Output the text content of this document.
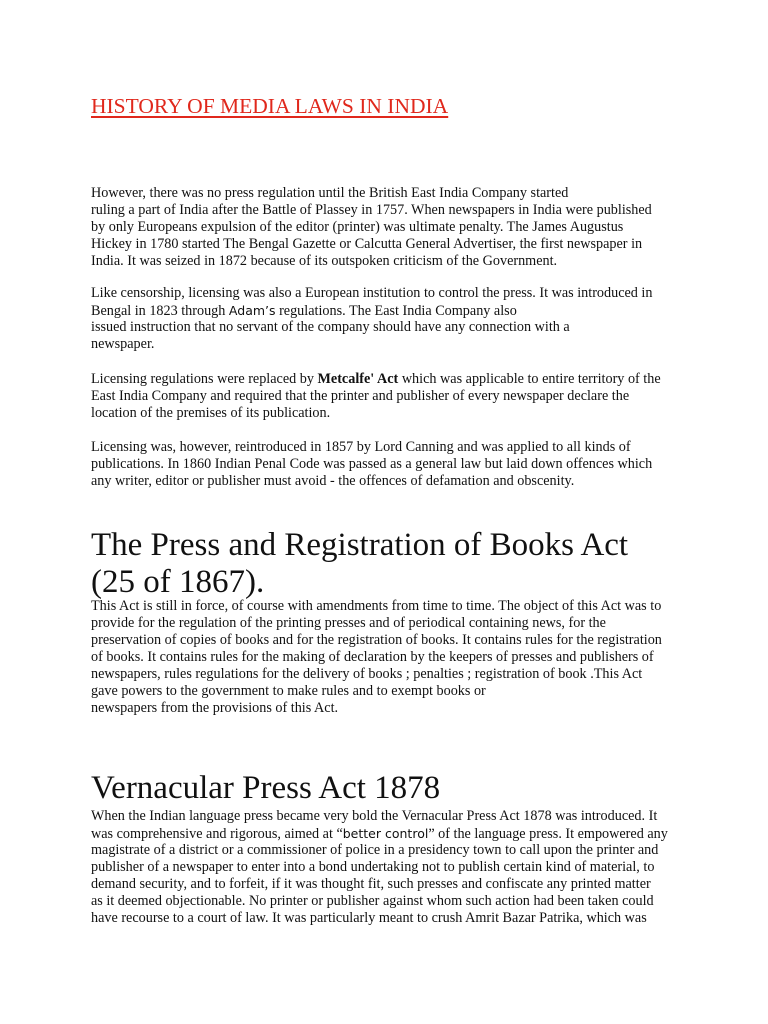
HISTORY OF MEDIA LAWS IN INDIA

However, there was no press regulation until the British East India Company started
ruling a part of India after the Battle of Plassey in 1757. When newspapers in India were published
by only Europeans expulsion of the editor (printer) was ultimate penalty. The James Augustus
Hickey in 1780 started The Bengal Gazette or Calcutta General Advertiser, the first newspaper in
India. It was seized in 1872 because of its outspoken criticism of the Government.

Like censorship, licensing was also a European institution to control the press. It was introduced in
Bengal in 1823 through Adam’s regulations. The East India Company also
issued instruction that no servant of the company should have any connection with a
newspaper.

Licensing regulations were replaced by Metcalfe' Act which was applicable to entire territory of the
East India Company and required that the printer and publisher of every newspaper declare the
location of the premises of its publication.

Licensing was, however, reintroduced in 1857 by Lord Canning and was applied to all kinds of
publications. In 1860 Indian Penal Code was passed as a general law but laid down offences which
any writer, editor or publisher must avoid - the offences of defamation and obscenity.

The Press and Registration of Books Act
(25 of 1867).

This Act is still in force, of course with amendments from time to time. The object of this Act was to
provide for the regulation of the printing presses and of periodical containing news, for the
preservation of copies of books and for the registration of books. It contains rules for the registration
of books. It contains rules for the making of declaration by the keepers of presses and publishers of
newspapers, rules regulations for the delivery of books ; penalties ; registration of book .This Act
gave powers to the government to make rules and to exempt books or
newspapers from the provisions of this Act.

Vernacular Press Act 1878

When the Indian language press became very bold the Vernacular Press Act 1878 was introduced. It
was comprehensive and rigorous, aimed at “better control” of the language press. It empowered any
magistrate of a district or a commissioner of police in a presidency town to call upon the printer and
publisher of a newspaper to enter into a bond undertaking not to publish certain kind of material, to
demand security, and to forfeit, if it was thought fit, such presses and confiscate any printed matter
as it deemed objectionable. No printer or publisher against whom such action had been taken could
have recourse to a court of law. It was particularly meant to crush Amrit Bazar Patrika, which was
